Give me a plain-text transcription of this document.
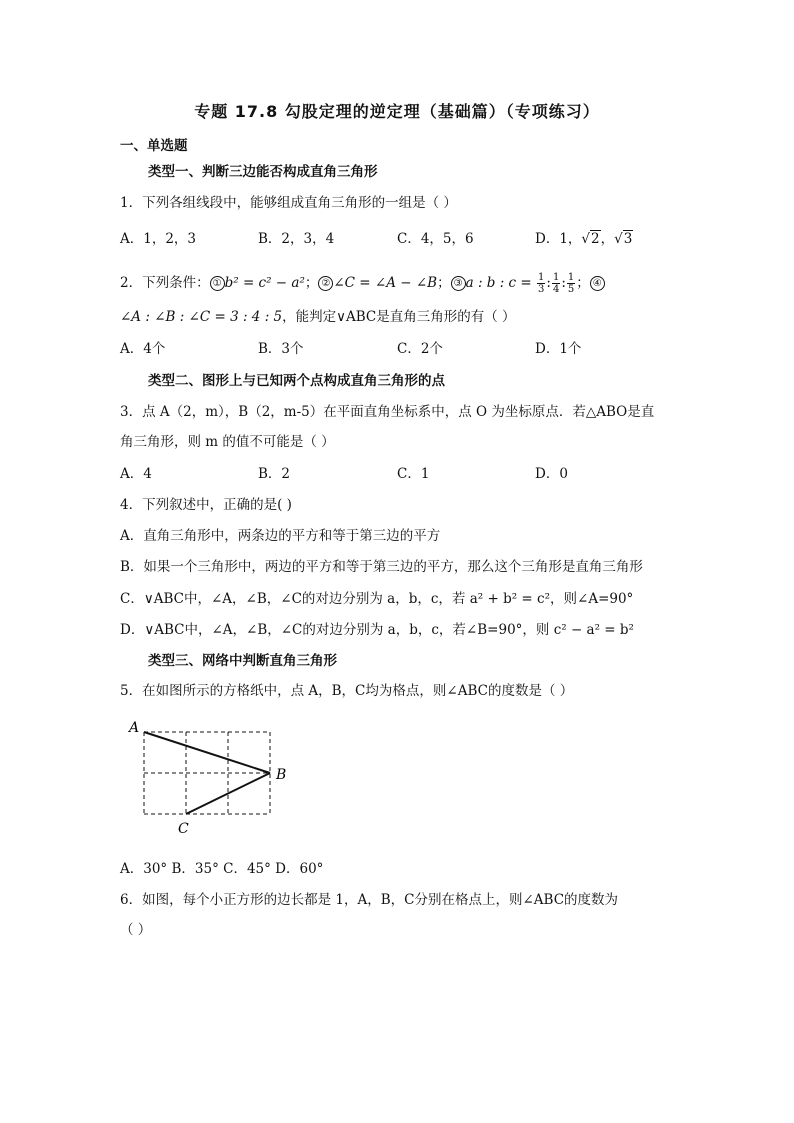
专题 17.8 勾股定理的逆定理（基础篇）（专项练习）
一、单选题
类型一、判断三边能否构成直角三角形
1．下列各组线段中，能够组成直角三角形的一组是（ ）
A．1，2，3	B．2，3，4	C．4，5，6	D．1，√2，√3
2．下列条件： ① b² = c² − a²； ② ∠C = ∠A − ∠B； ③ a : b : $c = \frac{1}{3}$ : $\frac{1}{4}$ : $\frac{1}{5}$ ； ④
∠A : ∠B : ∠C = 3 : 4 : 5，能判定∨ABC是直角三角形的有（ ）
A．4个	B．3个	C．2个	D．1个
类型二、图形上与已知两个点构成直角三角形的点
3．点 A（2，m），B（2，m-5）在平面直角坐标系中，点 O 为坐标原点．若△ABO是直
角三角形，则 m 的值不可能是（ ）
A．4	B．2	C．1	D．0
4．下列叙述中，正确的是( )
A．直角三角形中，两条边的平方和等于第三边的平方
B．如果一个三角形中，两边的平方和等于第三边的平方，那么这个三角形是直角三角形
C．∨ABC中，∠A，∠B，∠C的对边分别为 a，b，c，若 a² + b² = c²，则∠A=90°
D．∨ABC中，∠A，∠B，∠C的对边分别为 a，b，c，若∠B=90°，则 c² − a² = b²
类型三、网络中判断直角三角形
5．在如图所示的方格纸中，点 A，B，C均为格点，则∠ABC的度数是（ ）
A
B
C
A．30° B．35° C．45° D．60°
6．如图，每个小正方形的边长都是 1，A，B，C分别在格点上，则∠ABC的度数为
（ ）
